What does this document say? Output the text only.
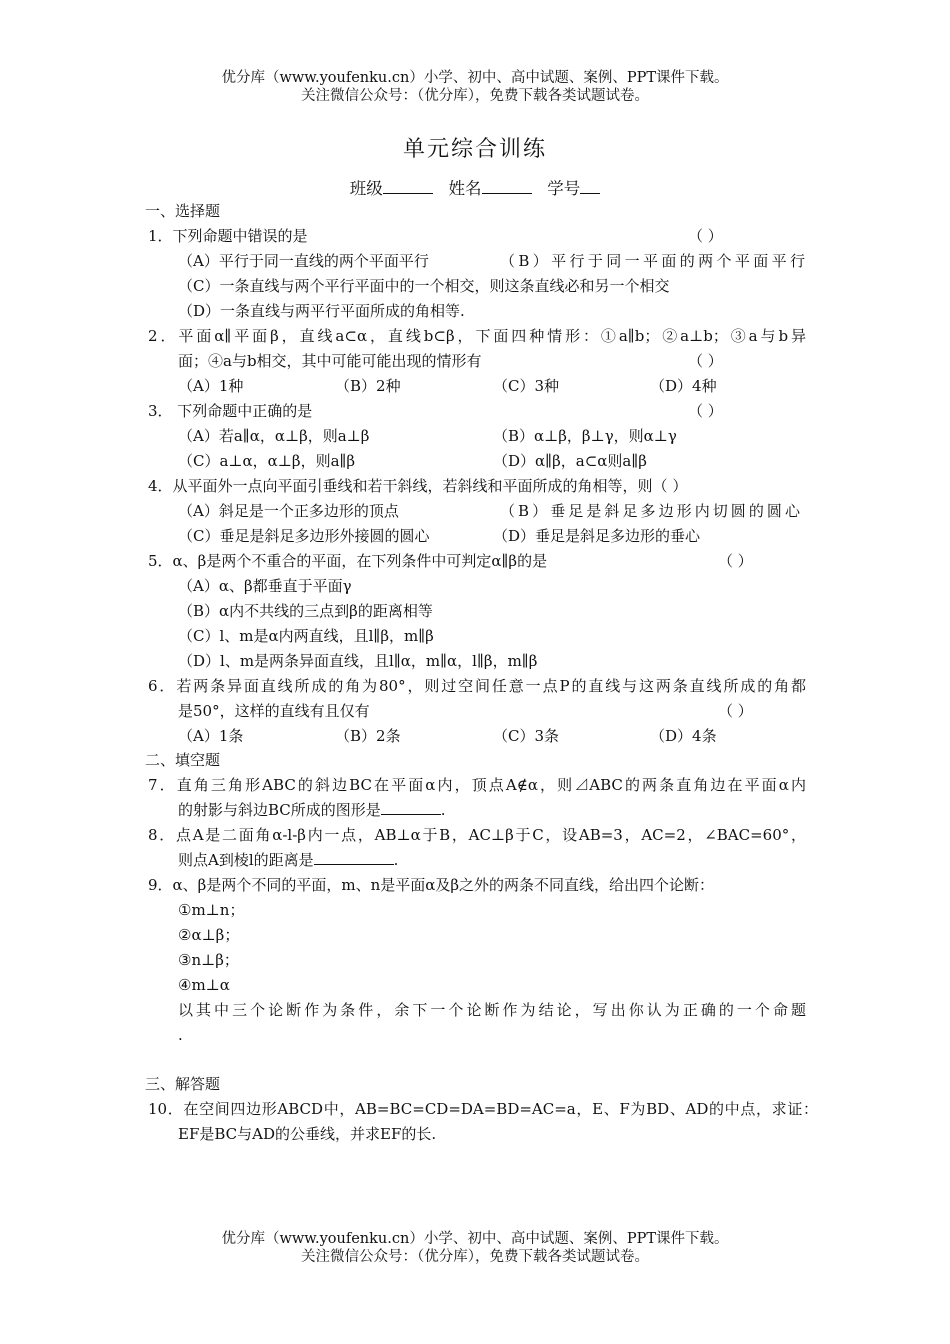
优分库（www.youfenku.cn）小学、初中、高中试题、案例、PPT课件下载。
关注微信公众号：（优分库），免费下载各类试题试卷。
单元综合训练
班级	姓名	学号
一、选择题
1．下列命题中错误的是	（ ）
（A）平行于同一直线的两个平面平行	（B）平行于同一平面的两个平面平行
（C）一条直线与两个平行平面中的一个相交，则这条直线必和另一个相交
（D）一条直线与两平行平面所成的角相等.
2．平面α∥平面β，直线a⊂α，直线b⊂β，下面四种情形：①a∥b；②a⊥b；③a与b异
面；④a与b相交，其中可能可能出现的情形有	（ ）
（A）1种	（B）2种	（C）3种	（D）4种
3． 下列命题中正确的是	（ ）
（A）若a∥α，α⊥β，则a⊥β	（B）α⊥β，β⊥γ，则α⊥γ
（C）a⊥α，α⊥β，则a∥β	（D）α∥β，a⊂α则a∥β
4．从平面外一点向平面引垂线和若干斜线，若斜线和平面所成的角相等，则（ ）
（A）斜足是一个正多边形的顶点	（B）垂足是斜足多边形内切圆的圆心
（C）垂足是斜足多边形外接圆的圆心	（D）垂足是斜足多边形的垂心
5．α、β是两个不重合的平面，在下列条件中可判定α∥β的是	（ ）
（A）α、β都垂直于平面γ
（B）α内不共线的三点到β的距离相等
（C）l、m是α内两直线，且l∥β，m∥β
（D）l、m是两条异面直线，且l∥α，m∥α，l∥β，m∥β
6．若两条异面直线所成的角为80°，则过空间任意一点P的直线与这两条直线所成的角都
是50°，这样的直线有且仅有	（ ）
（A）1条	（B）2条	（C）3条	（D）4条
二、填空题
7．直角三角形ABC的斜边BC在平面α内，顶点A∉α，则⊿ABC的两条直角边在平面α内
的射影与斜边BC所成的图形是	.
8．点A是二面角α-l-β内一点，AB⊥α于B，AC⊥β于C，设AB=3，AC=2，∠BAC=60°，
则点A到棱l的距离是	.
9．α、β是两个不同的平面，m、n是平面α及β之外的两条不同直线，给出四个论断：
①m⊥n；
②α⊥β；
③n⊥β；
④m⊥α
以其中三个论断作为条件，余下一个论断作为结论，写出你认为正确的一个命题
.
三、解答题
10．在空间四边形ABCD中，AB=BC=CD=DA=BD=AC=a，E、F为BD、AD的中点，求证：
EF是BC与AD的公垂线，并求EF的长.
优分库（www.youfenku.cn）小学、初中、高中试题、案例、PPT课件下载。
关注微信公众号：（优分库），免费下载各类试题试卷。
